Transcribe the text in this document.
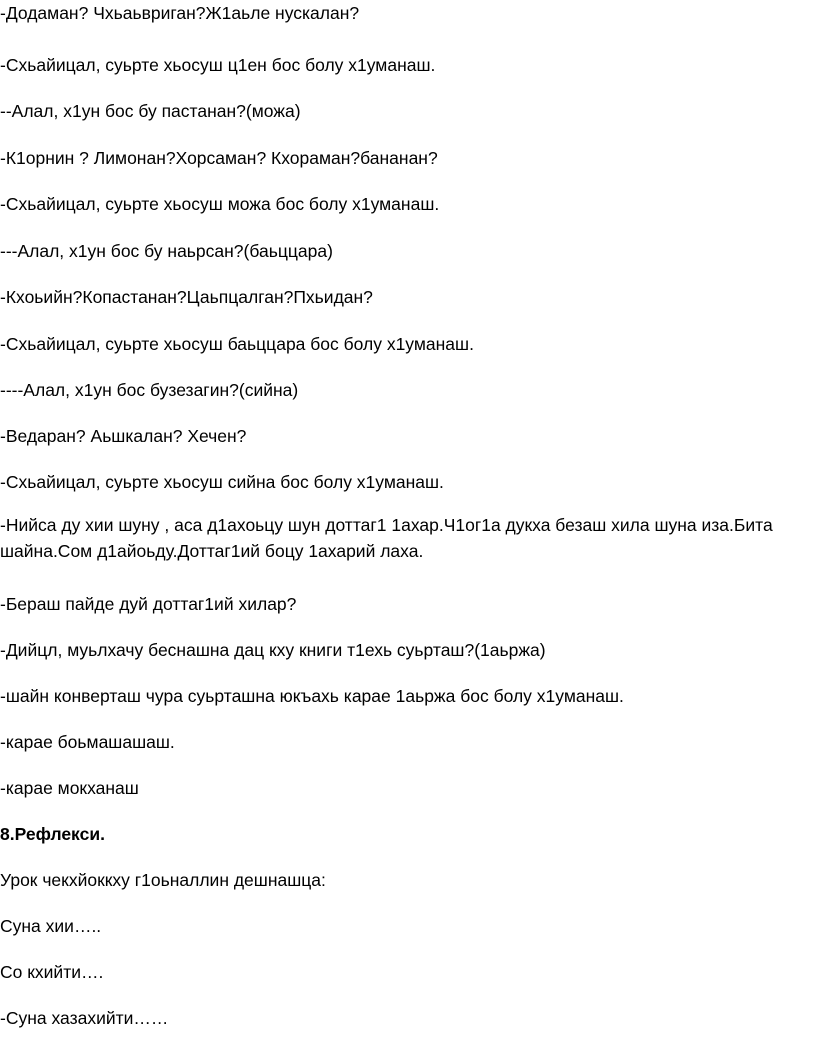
-Додаман? Чхьаьвриган?Ж1аьле нускалан?
-Схьайицал, суьрте хьосуш ц1ен бос болу х1уманаш.
--Алал, х1ун бос бу пастанан?(можа)
-К1орнин ? Лимонан?Хорсаман? Кхораман?бананан?
-Схьайицал, суьрте хьосуш можа бос болу х1уманаш.
---Алал, х1ун бос бу наьрсан?(баьццара)
-Кхоьийн?Копастанан?Цаьпцалган?Пхьидан?
-Схьайицал, суьрте хьосуш баьццара бос болу х1уманаш.
----Алал, х1ун бос бузезагин?(сийна)
-Ведаран? Аьшкалан? Хечен?
-Схьайицал, суьрте хьосуш сийна бос болу х1уманаш.
-Нийса ду хии шуну , аса д1ахоьцу шун доттаг1 1ахар.Ч1ог1а дукха безаш хила шуна иза.Бита шайна.Сом д1айоьду.Доттаг1ий боцу 1ахарий лаха.
-Бераш пайде дуй доттаг1ий хилар?
-Дийцл, муьлхачу беснашна дац кху книги т1ехь суьрташ?(1аьржа)
-шайн конверташ чура суьрташна юкъахь карае 1аьржа бос болу х1уманаш.
-карае боьмашашаш.
-карае мокханаш
8.Рефлекси.
Урок чекхйоккху г1оьналлин дешнашца:
Суна хии…..
Со кхийти….
-Суна хазахийти……
